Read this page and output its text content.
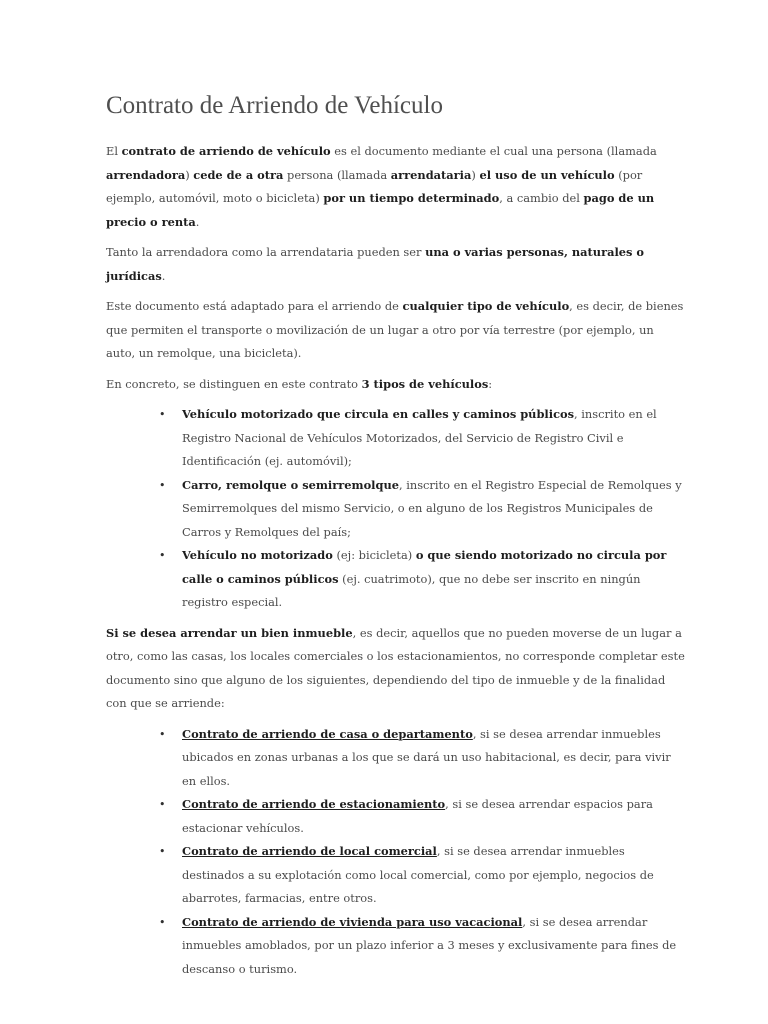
Contrato de Arriendo de Vehículo

El contrato de arriendo de vehículo es el documento mediante el cual una persona (llamada arrendadora) cede de a otra persona (llamada arrendataria) el uso de un vehículo (por ejemplo, automóvil, moto o bicicleta) por un tiempo determinado, a cambio del pago de un precio o renta.

Tanto la arrendadora como la arrendataria pueden ser una o varias personas, naturales o jurídicas.

Este documento está adaptado para el arriendo de cualquier tipo de vehículo, es decir, de bienes que permiten el transporte o movilización de un lugar a otro por vía terrestre (por ejemplo, un auto, un remolque, una bicicleta).

En concreto, se distinguen en este contrato 3 tipos de vehículos:

• Vehículo motorizado que circula en calles y caminos públicos, inscrito en el Registro Nacional de Vehículos Motorizados, del Servicio de Registro Civil e Identificación (ej. automóvil);
• Carro, remolque o semirremolque, inscrito en el Registro Especial de Remolques y Semirremolques del mismo Servicio, o en alguno de los Registros Municipales de Carros y Remolques del país;
• Vehículo no motorizado (ej: bicicleta) o que siendo motorizado no circula por calle o caminos públicos (ej. cuatrimoto), que no debe ser inscrito en ningún registro especial.

Si se desea arrendar un bien inmueble, es decir, aquellos que no pueden moverse de un lugar a otro, como las casas, los locales comerciales o los estacionamientos, no corresponde completar este documento sino que alguno de los siguientes, dependiendo del tipo de inmueble y de la finalidad con que se arriende:

• Contrato de arriendo de casa o departamento, si se desea arrendar inmuebles ubicados en zonas urbanas a los que se dará un uso habitacional, es decir, para vivir en ellos.
• Contrato de arriendo de estacionamiento, si se desea arrendar espacios para estacionar vehículos.
• Contrato de arriendo de local comercial, si se desea arrendar inmuebles destinados a su explotación como local comercial, como por ejemplo, negocios de abarrotes, farmacias, entre otros.
• Contrato de arriendo de vivienda para uso vacacional, si se desea arrendar inmuebles amoblados, por un plazo inferior a 3 meses y exclusivamente para fines de descanso o turismo.
